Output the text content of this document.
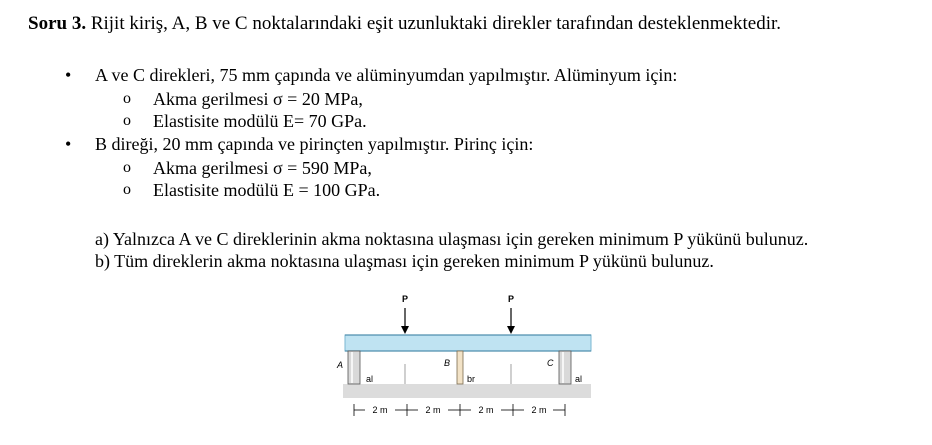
Soru 3. Rijit kiriş, A, B ve C noktalarındaki eşit uzunluktaki direkler tarafından desteklenmektedir.
• A ve C direkleri, 75 mm çapında ve alüminyumdan yapılmıştır. Alüminyum için:
o Akma gerilmesi σ = 20 MPa,
o Elastisite modülü E= 70 GPa.
• B direği, 20 mm çapında ve pirinçten yapılmıştır. Pirinç için:
o Akma gerilmesi σ = 590 MPa,
o Elastisite modülü E = 100 GPa.
a) Yalnızca A ve C direklerinin akma noktasına ulaşması için gereken minimum P yükünü bulunuz.
b) Tüm direklerin akma noktasına ulaşması için gereken minimum P yükünü bulunuz.
P	P
A	B	C
al	br	al
2 m	2 m	2 m	2 m
